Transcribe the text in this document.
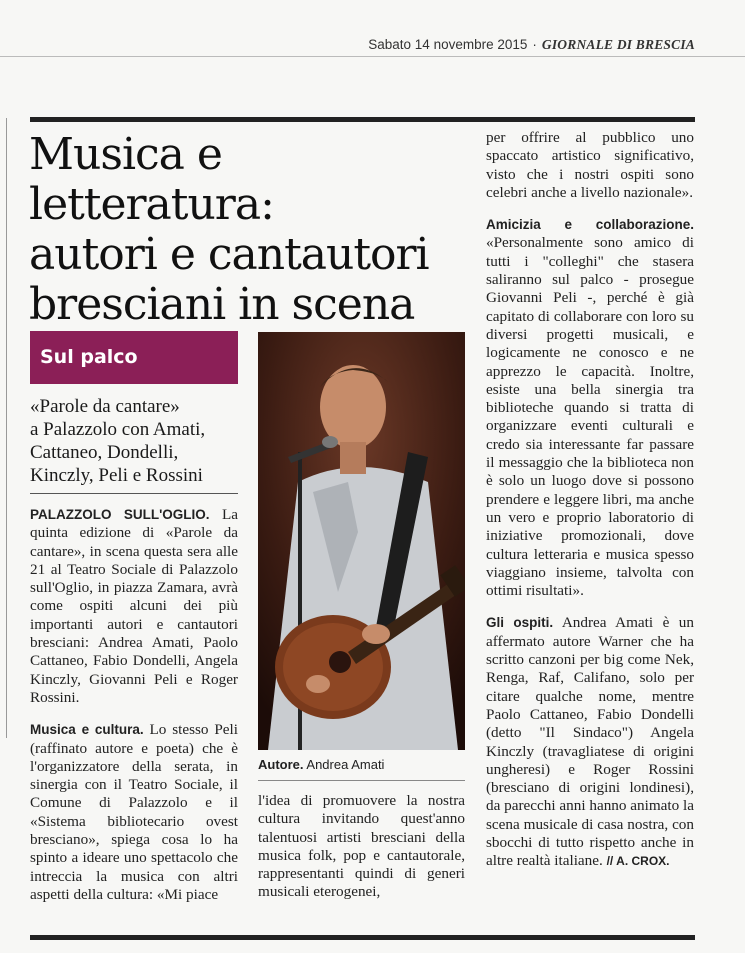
Sabato 14 novembre 2015 · GIORNALE DI BRESCIA
Musica e letteratura:
autori e cantautori
bresciani in scena
Sul palco

«Parole da cantare»
a Palazzolo con Amati,
Cattaneo, Dondelli,
Kinczly, Peli e Rossini

PALAZZOLO SULL'OGLIO. La quinta edizione di «Parole da cantare», in scena questa sera alle 21 al Teatro Sociale di Palazzolo sull'Oglio, in piazza Zamara, avrà come ospiti alcuni dei più importanti autori e cantautori bresciani: Andrea Amati, Paolo Cattaneo, Fabio Dondelli, Angela Kinczly, Giovanni Peli e Roger Rossini.

Musica e cultura. Lo stesso Peli (raffinato autore e poeta) che è l'organizzatore della serata, in sinergia con il Teatro Sociale, il Comune di Palazzolo e il «Sistema bibliotecario ovest bresciano», spiega cosa lo ha spinto a ideare uno spettacolo che intreccia la musica con altri aspetti della cultura: «Mi piace

Autore. Andrea Amati

l'idea di promuovere la nostra cultura invitando quest'anno talentuosi artisti bresciani della musica folk, pop e cantautorale, rappresentanti quindi di generi musicali eterogenei,

per offrire al pubblico uno spaccato artistico significativo, visto che i nostri ospiti sono celebri anche a livello nazionale».

Amicizia e collaborazione. «Personalmente sono amico di tutti i "colleghi" che stasera saliranno sul palco - prosegue Giovanni Peli -, perché è già capitato di collaborare con loro su diversi progetti musicali, e logicamente ne conosco e ne apprezzo le capacità. Inoltre, esiste una bella sinergia tra biblioteche quando si tratta di organizzare eventi culturali e credo sia interessante far passare il messaggio che la biblioteca non è solo un luogo dove si possono prendere e leggere libri, ma anche un vero e proprio laboratorio di iniziative promozionali, dove cultura letteraria e musica spesso viaggiano insieme, talvolta con ottimi risultati».

Gli ospiti. Andrea Amati è un affermato autore Warner che ha scritto canzoni per big come Nek, Renga, Raf, Califano, solo per citare qualche nome, mentre Paolo Cattaneo, Fabio Dondelli (detto "Il Sindaco") Angela Kinczly (travagliatese di origini ungheresi) e Roger Rossini (bresciano di origini londinesi), da parecchi anni hanno animato la scena musicale di casa nostra, con sbocchi di tutto rispetto anche in altre realtà italiane. // A. CROX.
